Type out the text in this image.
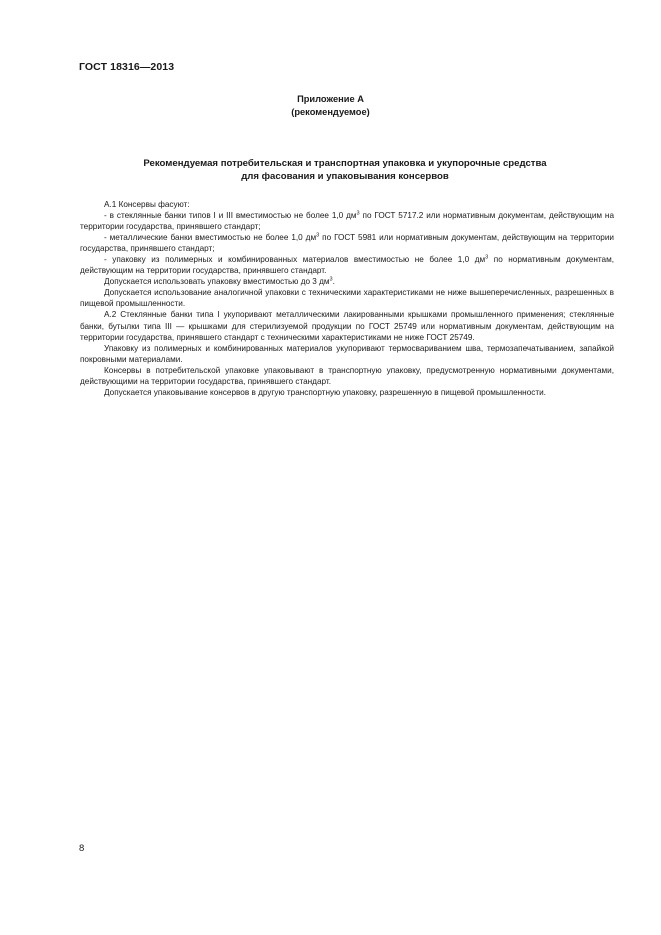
ГОСТ 18316—2013
Приложение А
(рекомендуемое)
Рекомендуемая потребительская и транспортная упаковка и укупорочные средства
для фасования и упаковывания консервов

А.1 Консервы фасуют:

- в стеклянные банки типов I и III вместимостью не более 1,0 $дм^3$ по ГОСТ 5717.2 или нормативным документам, действующим на территории государства, принявшего стандарт;

- металлические банки вместимостью не более 1,0 $дм^3$ по ГОСТ 5981 или нормативным документам, действующим на территории государства, принявшего стандарт;

- упаковку из полимерных и комбинированных материалов вместимостью не более 1,0 $дм^3$ по нормативным документам, действующим на территории государства, принявшего стандарт.

Допускается использовать упаковку вместимостью до 3 $дм^3$.

Допускается использование аналогичной упаковки с техническими характеристиками не ниже вышеперечисленных, разрешенных в пищевой промышленности.

А.2 Стеклянные банки типа I укупоривают металлическими лакированными крышками промышленного применения; стеклянные банки, бутылки типа III — крышками для стерилизуемой продукции по ГОСТ 25749 или нормативным документам, действующим на территории государства, принявшего стандарт с техническими характеристиками не ниже ГОСТ 25749.

Упаковку из полимерных и комбинированных материалов укупоривают термосвариванием шва, термозапечатыванием, запайкой покровными материалами.

Консервы в потребительской упаковке упаковывают в транспортную упаковку, предусмотренную нормативными документами, действующими на территории государства, принявшего стандарт.

Допускается упаковывание консервов в другую транспортную упаковку, разрешенную в пищевой промышленности.

8
